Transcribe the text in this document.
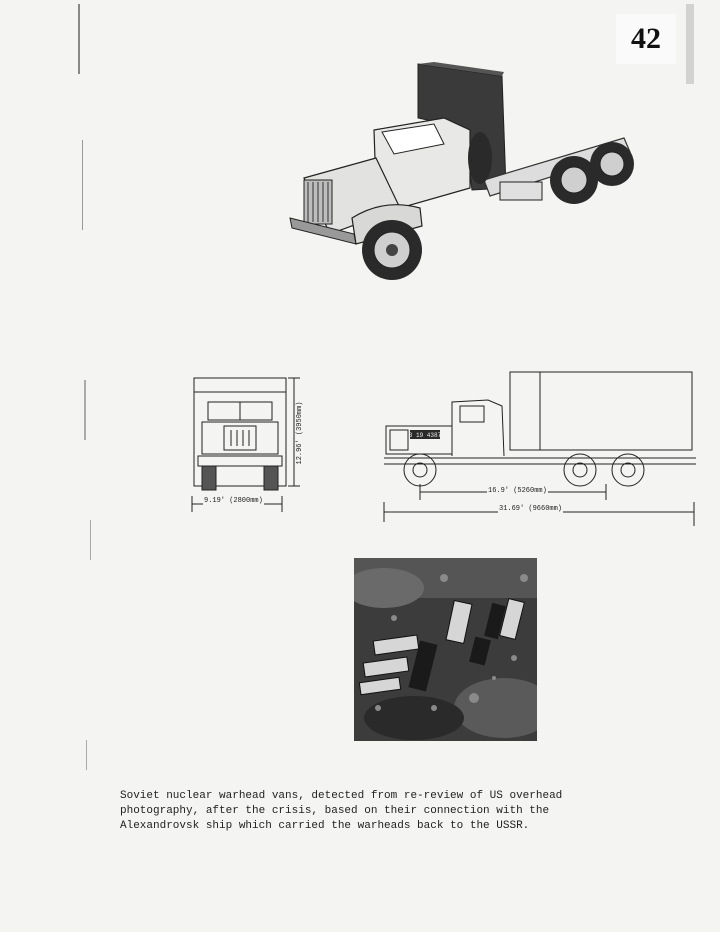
42
12.96' (3950mm)
9.19' (2800mm)
3 19 4387
16.9' (5260mm)
31.69' (9660mm)

Soviet nuclear warhead vans, detected from re-review of US overhead
photography, after the crisis, based on their connection with the
Alexandrovsk ship which carried the warheads back to the USSR.
